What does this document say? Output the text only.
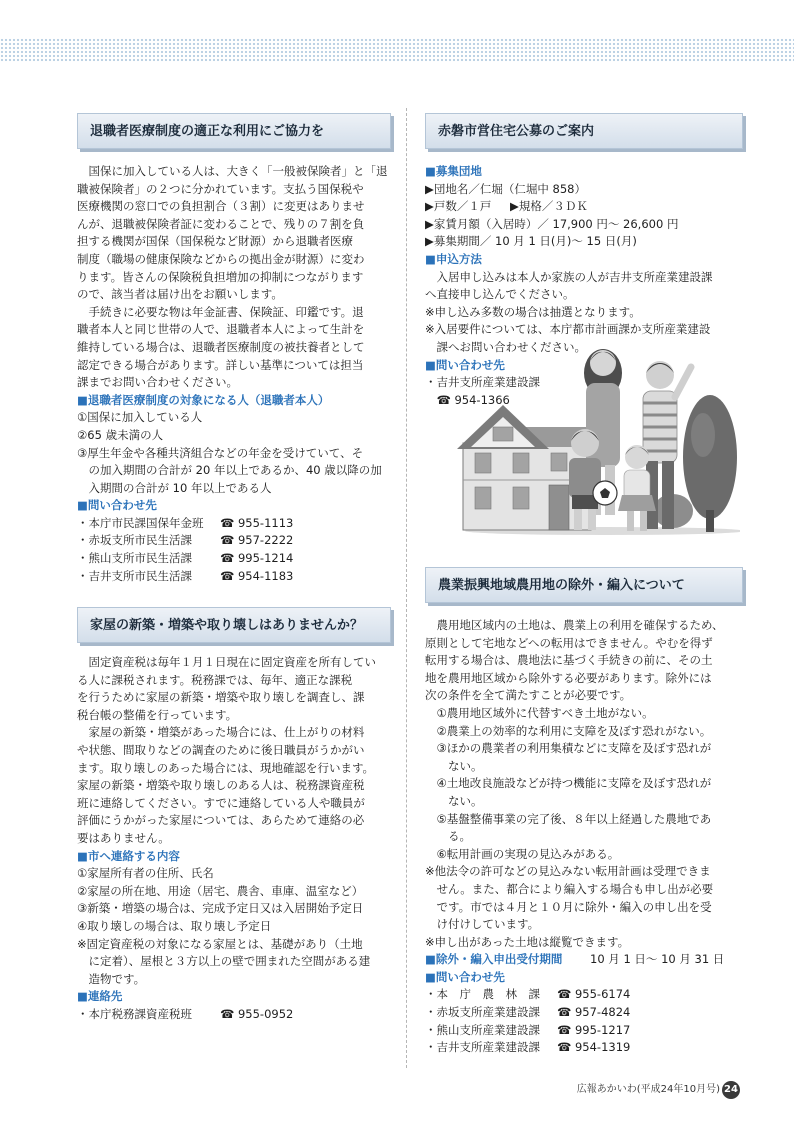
退職者医療制度の適正な利用にご協力を
国保に加入している人は、大きく「一般被保険者」と「退
職被保険者」の２つに分かれています。支払う国保税や
医療機関の窓口での負担割合（３割）に変更はありませ
んが、退職被保険者証に変わることで、残りの７割を負
担する機関が国保（国保税など財源）から退職者医療
制度（職場の健康保険などからの拠出金が財源）に変わ
ります。皆さんの保険税負担増加の抑制につながります
ので、該当者は届け出をお願いします。
手続きに必要な物は年金証書、保険証、印鑑です。退
職者本人と同じ世帯の人で、退職者本人によって生計を
維持している場合は、退職者医療制度の被扶養者として
認定できる場合があります。詳しい基準については担当
課までお問い合わせください。
■退職者医療制度の対象になる人（退職者本人）
①国保に加入している人
②65 歳未満の人
③厚生年金や各種共済組合などの年金を受けていて、そ
の加入期間の合計が 20 年以上であるか、40 歳以降の加
入期間の合計が 10 年以上である人
■問い合わせ先
・本庁市民課国保年金班	☎ 955-1113
・赤坂支所市民生活課	☎ 957-2222
・熊山支所市民生活課	☎ 995-1214
・吉井支所市民生活課	☎ 954-1183
家屋の新築・増築や取り壊しはありませんか？
固定資産税は毎年１月１日現在に固定資産を所有してい
る人に課税されます。税務課では、毎年、適正な課税
を行うために家屋の新築・増築や取り壊しを調査し、課
税台帳の整備を行っています。
家屋の新築・増築があった場合には、仕上がりの材料
や状態、間取りなどの調査のために後日職員がうかがい
ます。取り壊しのあった場合には、現地確認を行います。
家屋の新築・増築や取り壊しのある人は、税務課資産税
班に連絡してください。すでに連絡している人や職員が
評価にうかがった家屋については、あらためて連絡の必
要はありません。
■市へ連絡する内容
①家屋所有者の住所、氏名
②家屋の所在地、用途（居宅、農舎、車庫、温室など）
③新築・増築の場合は、完成予定日又は入居開始予定日
④取り壊しの場合は、取り壊し予定日
※固定資産税の対象になる家屋とは、基礎があり（土地
に定着）、屋根と３方以上の壁で囲まれた空間がある建
造物です。
■連絡先
・本庁税務課資産税班	☎ 955-0952
赤磐市営住宅公募のご案内
■募集団地
▶団地名／仁堀（仁堀中 858）
▶戸数／１戸	▶規格／３ＤＫ
▶家賃月額（入居時）／ 17,900 円～ 26,600 円
▶募集期間／ 10 月 1 日(月)～ 15 日(月)
■申込方法
入居申し込みは本人か家族の人が吉井支所産業建設課
へ直接申し込んでください。
※申し込み多数の場合は抽選となります。
※入居要件については、本庁都市計画課か支所産業建設
課へお問い合わせください。
■問い合わせ先
・吉井支所産業建設課
☎ 954-1366
農業振興地域農用地の除外・編入について
農用地区域内の土地は、農業上の利用を確保するため、
原則として宅地などへの転用はできません。やむを得ず
転用する場合は、農地法に基づく手続きの前に、その土
地を農用地区域から除外する必要があります。除外には
次の条件を全て満たすことが必要です。
①農用地区域外に代替すべき土地がない。
②農業上の効率的な利用に支障を及ぼす恐れがない。
③ほかの農業者の利用集積などに支障を及ぼす恐れが
ない。
④土地改良施設などが持つ機能に支障を及ぼす恐れが
ない。
⑤基盤整備事業の完了後、８年以上経過した農地であ
る。
⑥転用計画の実現の見込みがある。
※他法令の許可などの見込みない転用計画は受理できま
せん。また、都合により編入する場合も申し出が必要
です。市では４月と１０月に除外・編入の申し出を受
け付けしています。
※申し出があった土地は縦覧できます。
■除外・編入申出受付期間	10 月 1 日～ 10 月 31 日
■問い合わせ先
・本　庁　農　林　課	☎ 955-6174
・赤坂支所産業建設課	☎ 957-4824
・熊山支所産業建設課	☎ 995-1217
・吉井支所産業建設課	☎ 954-1319
広報あかいわ(平成24年10月号) 24
